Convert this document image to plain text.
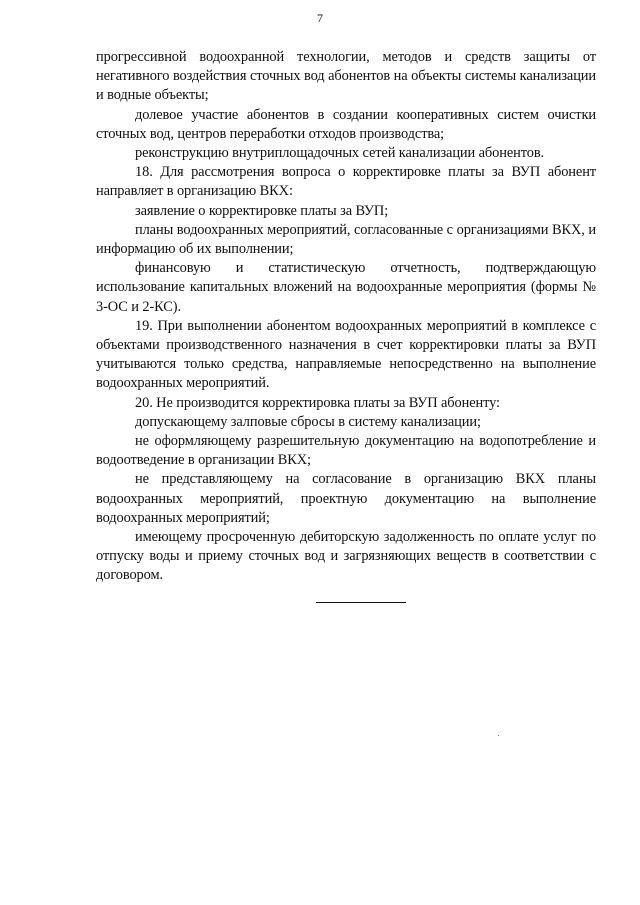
7

прогрессивной водоохранной технологии, методов и средств защиты от негативного воздействия сточных вод абонентов на объекты системы канализации и водные объекты;

долевое участие абонентов в создании кооперативных систем очистки сточных вод, центров переработки отходов производства;

реконструкцию внутриплощадочных сетей канализации абонентов.

18. Для рассмотрения вопроса о корректировке платы за ВУП абонент направляет в организацию ВКХ:

заявление о корректировке платы за ВУП;

планы водоохранных мероприятий, согласованные с организациями ВКХ, и информацию об их выполнении;

финансовую и статистическую отчетность, подтверждающую использование капитальных вложений на водоохранные мероприятия (формы № 3-ОС и 2-КС).

19. При выполнении абонентом водоохранных мероприятий в комплексе с объектами производственного назначения в счет корректировки платы за ВУП учитываются только средства, направляемые непосредственно на выполнение водоохранных мероприятий.

20. Не производится корректировка платы за ВУП абоненту:

допускающему залповые сбросы в систему канализации;

не оформляющему разрешительную документацию на водопотребление и водоотведение в организации ВКХ;

не представляющему на согласование в организацию ВКХ планы водоохранных мероприятий, проектную документацию на выполнение водоохранных мероприятий;

имеющему просроченную дебиторскую задолженность по оплате услуг по отпуску воды и приему сточных вод и загрязняющих веществ в соответствии с договором.
